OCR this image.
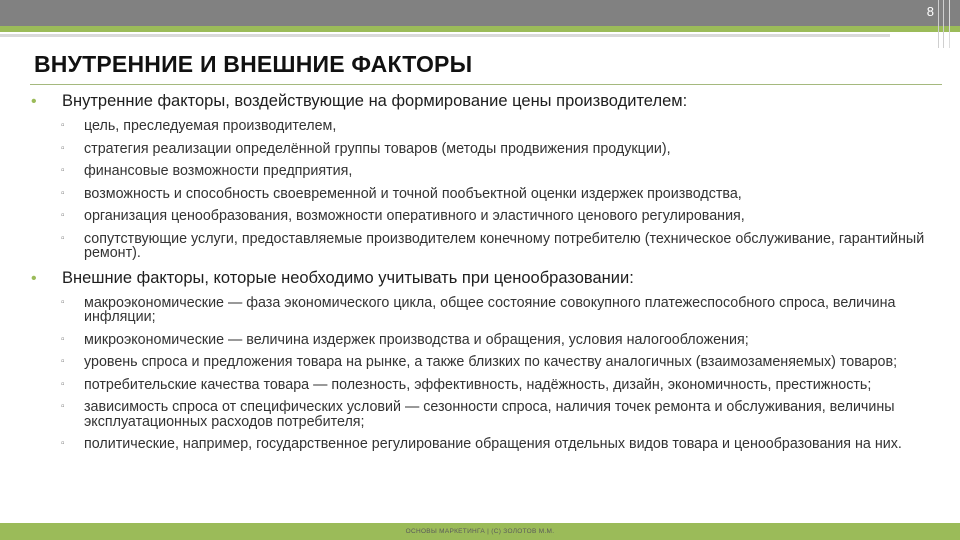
8
ВНУТРЕННИЕ И ВНЕШНИЕ ФАКТОРЫ
• Внутренние факторы, воздействующие на формирование цены производителем:
▫ цель, преследуемая производителем,
▫ стратегия реализации определённой группы товаров (методы продвижения продукции),
▫ финансовые возможности предприятия,
▫ возможность и способность своевременной и точной пообъектной оценки издержек производства,
▫ организация ценообразования, возможности оперативного и эластичного ценового регулирования,
▫ сопутствующие услуги, предоставляемые производителем конечному потребителю (техническое обслуживание, гарантийный ремонт).
• Внешние факторы, которые необходимо учитывать при ценообразовании:
▫ макроэкономические — фаза экономического цикла, общее состояние совокупного платежеспособного спроса, величина инфляции;
▫ микроэкономические — величина издержек производства и обращения, условия налогообложения;
▫ уровень спроса и предложения товара на рынке, а также близких по качеству аналогичных (взаимозаменяемых) товаров;
▫ потребительские качества товара — полезность, эффективность, надёжность, дизайн, экономичность, престижность;
▫ зависимость спроса от специфических условий — сезонности спроса, наличия точек ремонта и обслуживания, величины эксплуатационных расходов потребителя;
▫ политические, например, государственное регулирование обращения отдельных видов товара и ценообразования на них.
ОСНОВЫ МАРКЕТИНГА | (С) ЗОЛОТОВ М.М.
